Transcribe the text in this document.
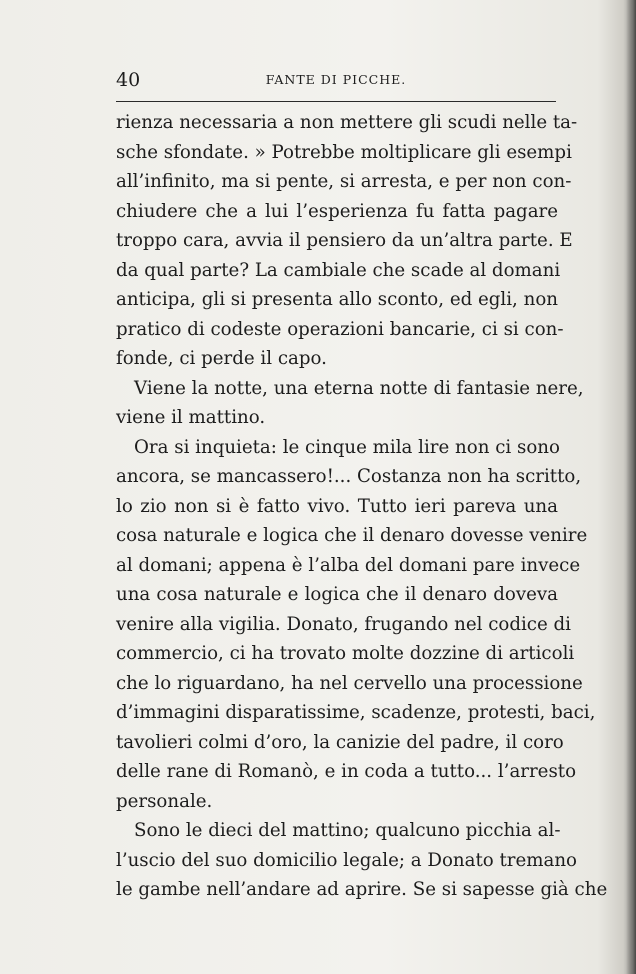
40	FANTE DI PICCHE.
rienza necessaria a non mettere gli scudi nelle ta-
sche sfondate. » Potrebbe moltiplicare gli esempi
all’infinito, ma si pente, si arresta, e per non con-
chiudere che a lui l’esperienza fu fatta pagare
troppo cara, avvia il pensiero da un’altra parte. E
da qual parte? La cambiale che scade al domani
anticipa, gli si presenta allo sconto, ed egli, non
pratico di codeste operazioni bancarie, ci si con-
fonde, ci perde il capo.
Viene la notte, una eterna notte di fantasie nere,
viene il mattino.
Ora si inquieta: le cinque mila lire non ci sono
ancora, se mancassero!... Costanza non ha scritto,
lo zio non si è fatto vivo. Tutto ieri pareva una
cosa naturale e logica che il denaro dovesse venire
al domani; appena è l’alba del domani pare invece
una cosa naturale e logica che il denaro doveva
venire alla vigilia. Donato, frugando nel codice di
commercio, ci ha trovato molte dozzine di articoli
che lo riguardano, ha nel cervello una processione
d’immagini disparatissime, scadenze, protesti, baci,
tavolieri colmi d’oro, la canizie del padre, il coro
delle rane di Romanò, e in coda a tutto... l’arresto
personale.
Sono le dieci del mattino; qualcuno picchia al-
l’uscio del suo domicilio legale; a Donato tremano
le gambe nell’andare ad aprire. Se si sapesse già che
